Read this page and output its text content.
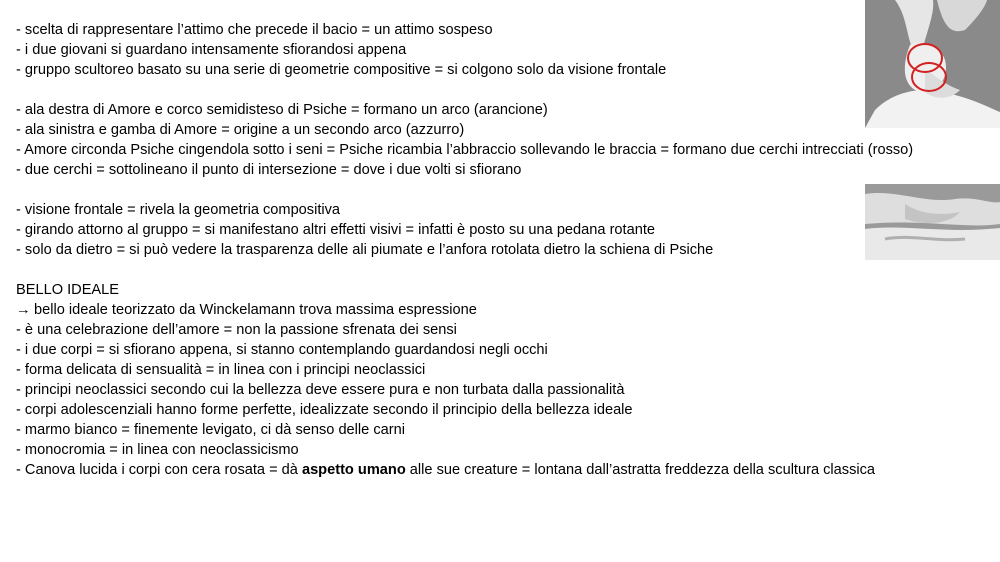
- scelta di rappresentare l’attimo che precede il bacio = un attimo sospeso
- i due giovani si guardano intensamente sfiorandosi appena
- gruppo scultoreo basato su una serie di geometrie compositive = si colgono solo da visione frontale
- ala destra di Amore e corco semidisteso di Psiche = formano un arco (arancione)
- ala sinistra e gamba di Amore = origine a un secondo arco (azzurro)
- Amore circonda Psiche cingendola sotto i seni = Psiche ricambia l’abbraccio sollevando le braccia = formano due cerchi intrecciati (rosso)
- due cerchi = sottolineano il punto di intersezione = dove i due volti si sfiorano
- visione frontale = rivela la geometria compositiva
- girando attorno al gruppo = si manifestano altri effetti visivi = infatti è posto su una pedana rotante
- solo da dietro = si può vedere la trasparenza delle ali piumate e l’anfora rotolata dietro la schiena di Psiche
BELLO IDEALE
→ bello ideale teorizzato da Winckelamann trova massima espressione
- è una celebrazione dell’amore = non la passione sfrenata dei sensi
- i due corpi = si sfiorano appena, si stanno contemplando guardandosi negli occhi
- forma delicata di sensualità = in linea con i principi neoclassici
- principi neoclassici secondo cui la bellezza deve essere pura e non turbata dalla passionalità
- corpi adolescenziali hanno forme perfette, idealizzate secondo il principio della bellezza ideale
- marmo bianco = finemente levigato, ci dà senso delle carni
- monocromia = in linea con neoclassicismo
- Canova lucida i corpi con cera rosata = dà aspetto umano alle sue creature = lontana dall’astratta freddezza della scultura classica
